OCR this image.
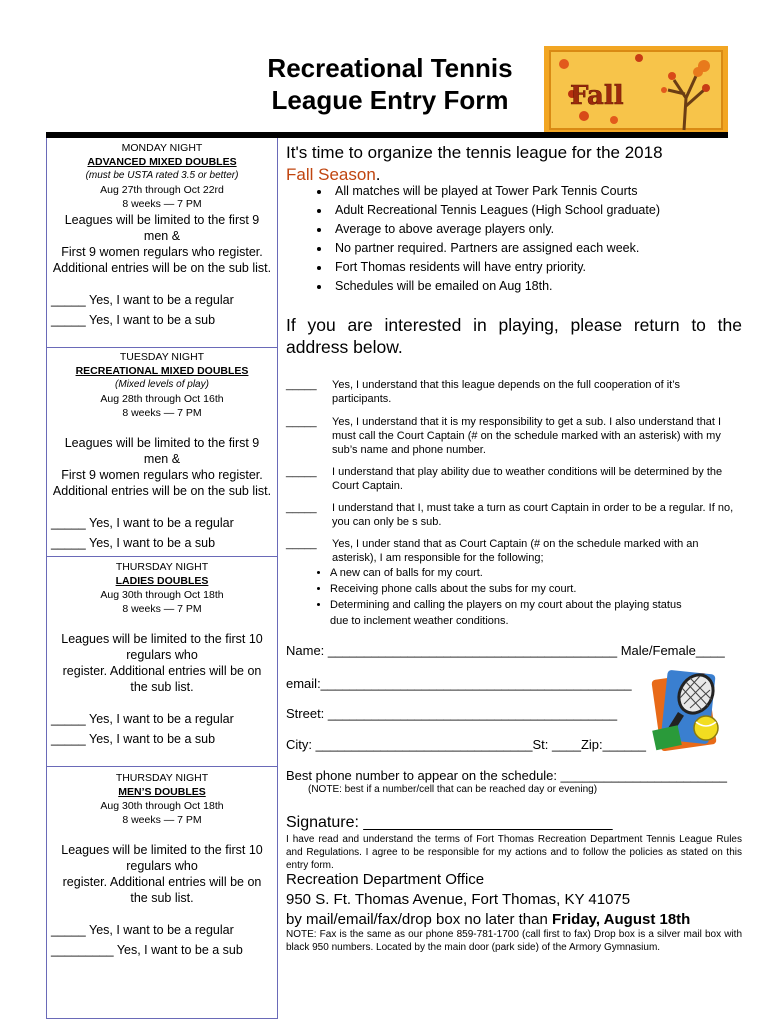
Recreational Tennis
League Entry Form	Fall
MONDAY NIGHT
ADVANCED MIXED DOUBLES
(must be USTA rated 3.5 or better)
Aug 27th through Oct 22rd
8 weeks — 7 PM
Leagues will be limited to the first 9
men &
First 9 women regulars who register.
Additional entries will be on the sub list.
_____ Yes, I want to be a regular
_____ Yes, I want to be a sub
TUESDAY NIGHT
RECREATIONAL MIXED DOUBLES
(Mixed levels of play)
Aug 28th through Oct 16th
8 weeks — 7 PM
Leagues will be limited to the first 9
men &
First 9 women regulars who register.
Additional entries will be on the sub list.
_____ Yes, I want to be a regular
_____ Yes, I want to be a sub
THURSDAY NIGHT
LADIES DOUBLES
Aug 30th through Oct 18th
8 weeks — 7 PM
Leagues will be limited to the first 10
regulars who
register. Additional entries will be on
the sub list.
_____ Yes, I want to be a regular
_____ Yes, I want to be a sub
THURSDAY NIGHT
MEN’S DOUBLES
Aug 30th through Oct 18th
8 weeks — 7 PM
Leagues will be limited to the first 10
regulars who
register. Additional entries will be on
the sub list.
_____ Yes, I want to be a regular
_________ Yes, I want to be a sub
It's time to organize the tennis league for the 2018
Fall Season.
• All matches will be played at Tower Park Tennis Courts
• Adult Recreational Tennis Leagues (High School graduate)
• Average to above average players only.
• No partner required. Partners are assigned each week.
• Fort Thomas residents will have entry priority.
• Schedules will be emailed on Aug 18th.
If you are interested in playing, please return to the address below.
_____ Yes, I understand that this league depends on the full cooperation of it’s participants.
_____ Yes, I understand that it is my responsibility to get a sub. I also understand that I must call the Court Captain (# on the schedule marked with an asterisk) with my sub’s name and phone number.
_____ I understand that play ability due to weather conditions will be determined by the Court Captain.
_____ I understand that I, must take a turn as court Captain in order to be a regular. If no, you can only be s sub.
_____ Yes, I under stand that as Court Captain (# on the schedule marked with an asterisk), I am responsible for the following;
• A new can of balls for my court.
• Receiving phone calls about the subs for my court.
• Determining and calling the players on my court about the playing status due to inclement weather conditions.
Name: ________________________________________ Male/Female____
email:___________________________________________
Street: ________________________________________
City: ______________________________St: ____Zip:______
Best phone number to appear on the schedule: _______________________
(NOTE: best if a number/cell that can be reached day or evening)
Signature: ____________________________
I have read and understand the terms of Fort Thomas Recreation Department Tennis League Rules and Regulations. I agree to be responsible for my actions and to follow the policies as stated on this entry form.
Recreation Department Office
950 S. Ft. Thomas Avenue, Fort Thomas, KY 41075
by mail/email/fax/drop box no later than Friday, August 18th
NOTE: Fax is the same as our phone 859-781-1700 (call first to fax) Drop box is a silver mail box with black 950 numbers. Located by the main door (park side) of the Armory Gymnasium.
